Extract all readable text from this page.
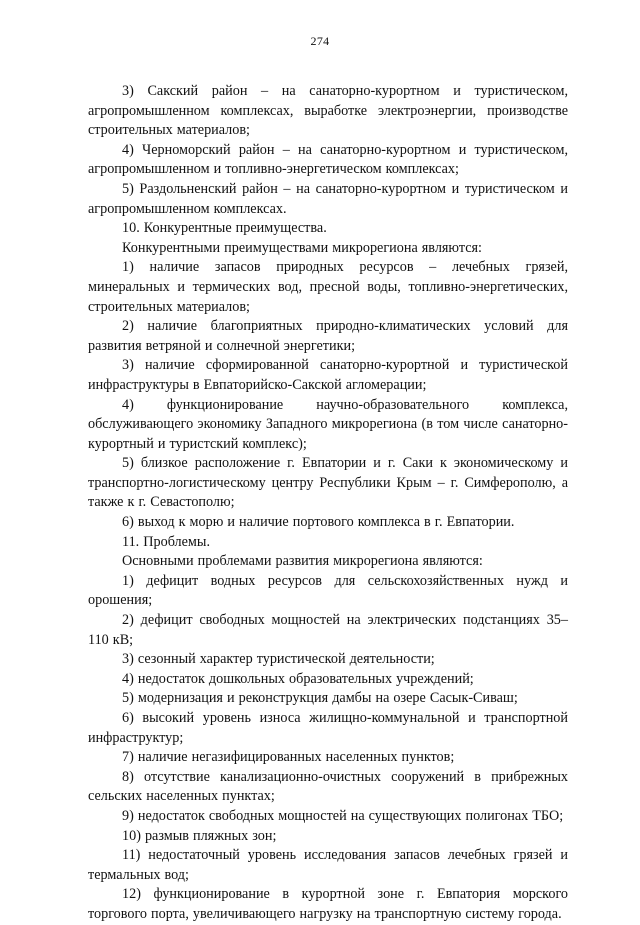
274

3) Сакский район – на санаторно-курортном и туристическом, агропромышленном комплексах, выработке электроэнергии, производстве строительных материалов;

4) Черноморский район – на санаторно-курортном и туристическом, агропромышленном и топливно-энергетическом комплексах;

5) Раздольненский район – на санаторно-курортном и туристическом и агропромышленном комплексах.

10. Конкурентные преимущества.

Конкурентными преимуществами микрорегиона являются:

1) наличие запасов природных ресурсов – лечебных грязей, минеральных и термических вод, пресной воды, топливно-энергетических, строительных материалов;

2) наличие благоприятных природно-климатических условий для развития ветряной и солнечной энергетики;

3) наличие сформированной санаторно-курортной и туристической инфраструктуры в Евпаторийско-Сакской агломерации;

4) функционирование научно-образовательного комплекса, обслуживающего экономику Западного микрорегиона (в том числе санаторно-курортный и туристский комплекс);

5) близкое расположение г. Евпатории и г. Саки к экономическому и транспортно-логистическому центру Республики Крым – г. Симферополю, а также к г. Севастополю;

6) выход к морю и наличие портового комплекса в г. Евпатории.

11. Проблемы.

Основными проблемами развития микрорегиона являются:

1) дефицит водных ресурсов для сельскохозяйственных нужд и орошения;

2) дефицит свободных мощностей на электрических подстанциях 35–110 кВ;

3) сезонный характер туристической деятельности;

4) недостаток дошкольных образовательных учреждений;

5) модернизация и реконструкция дамбы на озере Сасык-Сиваш;

6) высокий уровень износа жилищно-коммунальной и транспортной инфраструктур;

7) наличие негазифицированных населенных пунктов;

8) отсутствие канализационно-очистных сооружений в прибрежных сельских населенных пунктах;

9) недостаток свободных мощностей на существующих полигонах ТБО;

10) размыв пляжных зон;

11) недостаточный уровень исследования запасов лечебных грязей и термальных вод;

12) функционирование в курортной зоне г. Евпатория морского торгового порта, увеличивающего нагрузку на транспортную систему города.
